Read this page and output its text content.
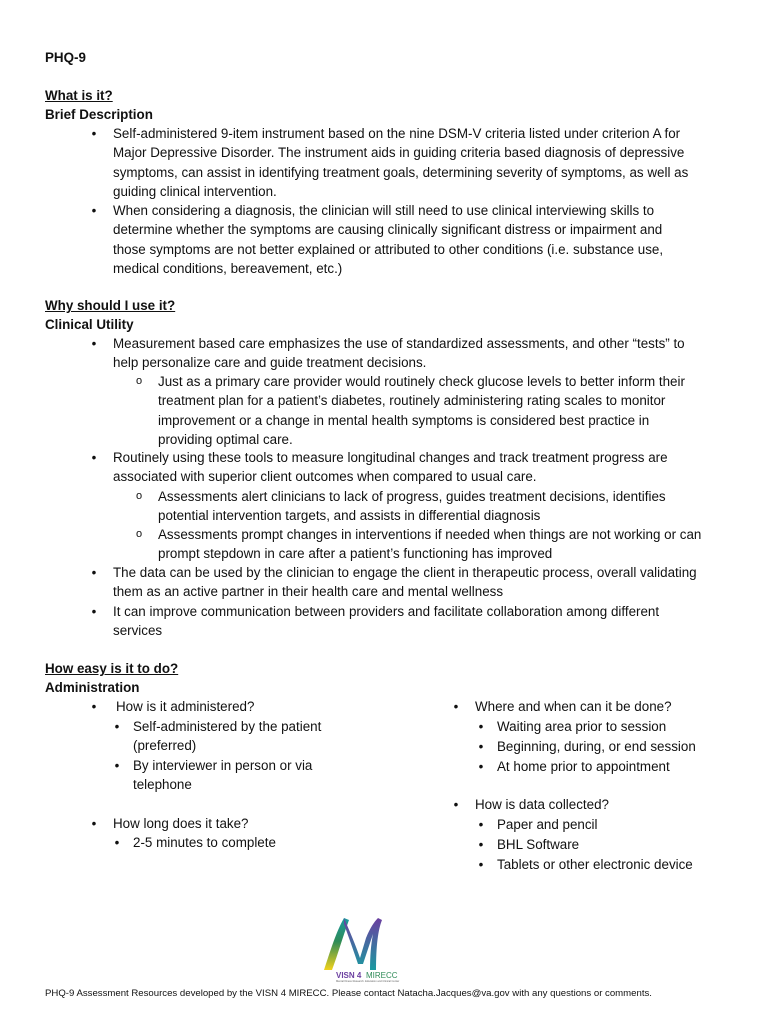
PHQ-9
What is it?
Brief Description
•	Self-administered 9-item instrument based on the nine DSM-V criteria listed under criterion A for
Major Depressive Disorder. The instrument aids in guiding criteria based diagnosis of depressive
symptoms, can assist in identifying treatment goals, determining severity of symptoms, as well as
guiding clinical intervention.
•	When considering a diagnosis, the clinician will still need to use clinical interviewing skills to
determine whether the symptoms are causing clinically significant distress or impairment and
those symptoms are not better explained or attributed to other conditions (i.e. substance use,
medical conditions, bereavement, etc.)
Why should I use it?
Clinical Utility
•	Measurement based care emphasizes the use of standardized assessments, and other “tests” to
help personalize care and guide treatment decisions.
o Just as a primary care provider would routinely check glucose levels to better inform their
treatment plan for a patient’s diabetes, routinely administering rating scales to monitor
improvement or a change in mental health symptoms is considered best practice in
providing optimal care.
•	Routinely using these tools to measure longitudinal changes and track treatment progress are
associated with superior client outcomes when compared to usual care.
o Assessments alert clinicians to lack of progress, guides treatment decisions, identifies
potential intervention targets, and assists in differential diagnosis
o Assessments prompt changes in interventions if needed when things are not working or can
prompt stepdown in care after a patient’s functioning has improved
•	The data can be used by the clinician to engage the client in therapeutic process, overall validating
them as an active partner in their health care and mental wellness
•	It can improve communication between providers and facilitate collaboration among different
services
How easy is it to do?
Administration
•	How is it administered?
•	Self-administered by the patient
(preferred)
•	By interviewer in person or via
telephone
•	How long does it take?
•	2-5 minutes to complete
•	Where and when can it be done?
•	Waiting area prior to session
•	Beginning, during, or end session
•	At home prior to appointment
•	How is data collected?
•	Paper and pencil
•	BHL Software
•	Tablets or other electronic device
VISN 4 MIRECC
Mental Illness Research, Education and Clinical Center
PHQ-9 Assessment Resources developed by the VISN 4 MIRECC. Please contact Natacha.Jacques@va.gov with any questions or comments.
